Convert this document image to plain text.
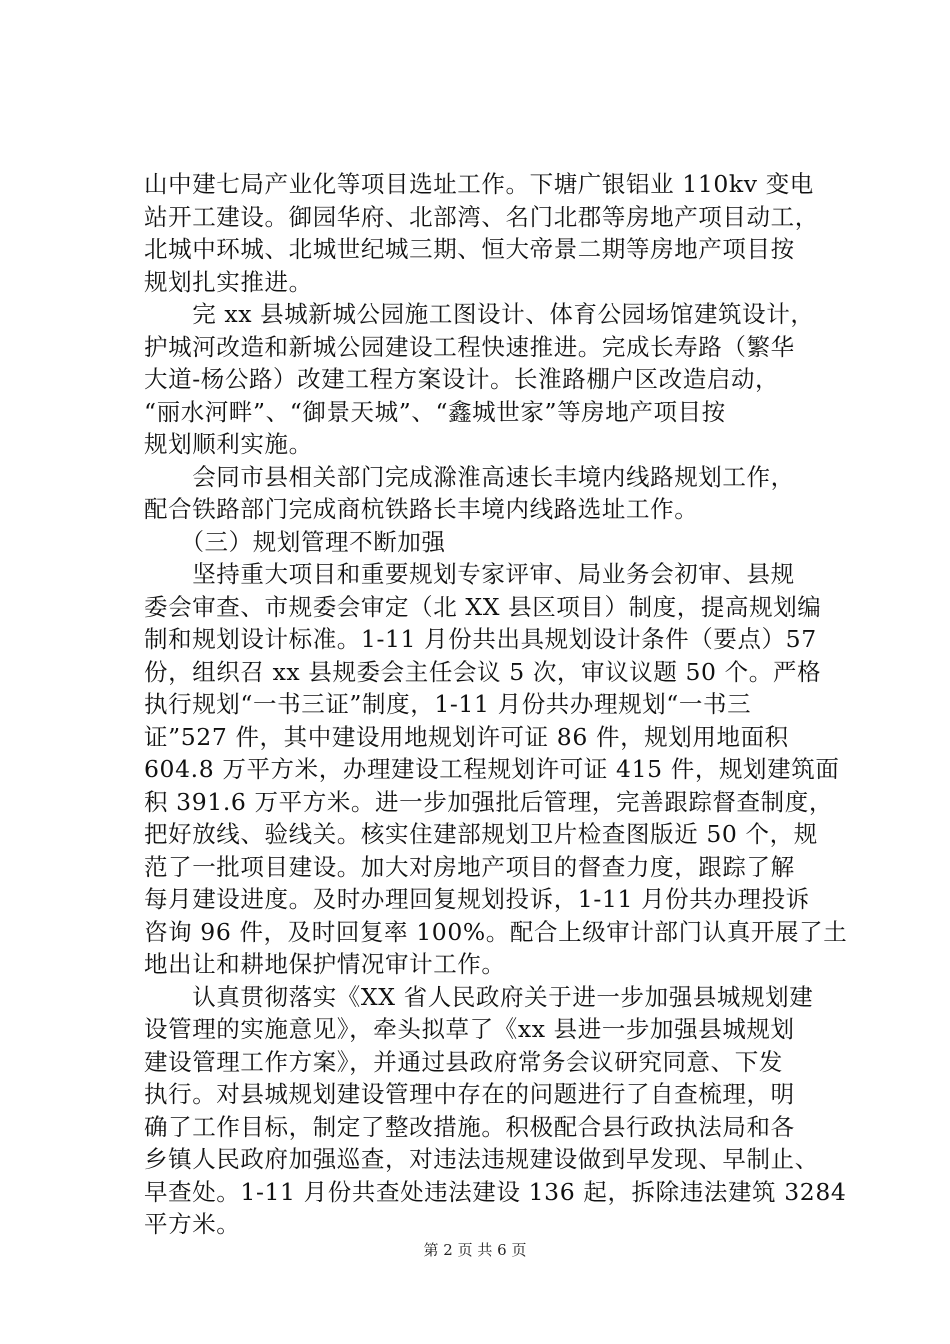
山中建七局产业化等项目选址工作。下塘广银铝业 110kv 变电
站开工建设。御园华府、北部湾、名门北郡等房地产项目动工，
北城中环城、北城世纪城三期、恒大帝景二期等房地产项目按
规划扎实推进。
　　完 xx 县城新城公园施工图设计、体育公园场馆建筑设计，
护城河改造和新城公园建设工程快速推进。完成长寿路（繁华
大道-杨公路）改建工程方案设计。长淮路棚户区改造启动，
“丽水河畔”、“御景天城”、“鑫城世家”等房地产项目按
规划顺利实施。
　　会同市县相关部门完成滁淮高速长丰境内线路规划工作，
配合铁路部门完成商杭铁路长丰境内线路选址工作。
　　（三）规划管理不断加强
　　坚持重大项目和重要规划专家评审、局业务会初审、县规
委会审查、市规委会审定（北 XX 县区项目）制度，提高规划编
制和规划设计标准。1-11 月份共出具规划设计条件（要点）57
份，组织召 xx 县规委会主任会议 5 次，审议议题 50 个。严格
执行规划“一书三证”制度，1-11 月份共办理规划“一书三
证”527 件，其中建设用地规划许可证 86 件，规划用地面积
604.8 万平方米，办理建设工程规划许可证 415 件，规划建筑面
积 391.6 万平方米。进一步加强批后管理，完善跟踪督查制度，
把好放线、验线关。核实住建部规划卫片检查图版近 50 个，规
范了一批项目建设。加大对房地产项目的督查力度，跟踪了解
每月建设进度。及时办理回复规划投诉，1-11 月份共办理投诉
咨询 96 件，及时回复率 100%。配合上级审计部门认真开展了土
地出让和耕地保护情况审计工作。
　　认真贯彻落实《XX 省人民政府关于进一步加强县城规划建
设管理的实施意见》，牵头拟草了《xx 县进一步加强县城规划
建设管理工作方案》，并通过县政府常务会议研究同意、下发
执行。对县城规划建设管理中存在的问题进行了自查梳理，明
确了工作目标，制定了整改措施。积极配合县行政执法局和各
乡镇人民政府加强巡查，对违法违规建设做到早发现、早制止、
早查处。1-11 月份共查处违法建设 136 起，拆除违法建筑 3284
平方米。
第 2 页 共 6 页
